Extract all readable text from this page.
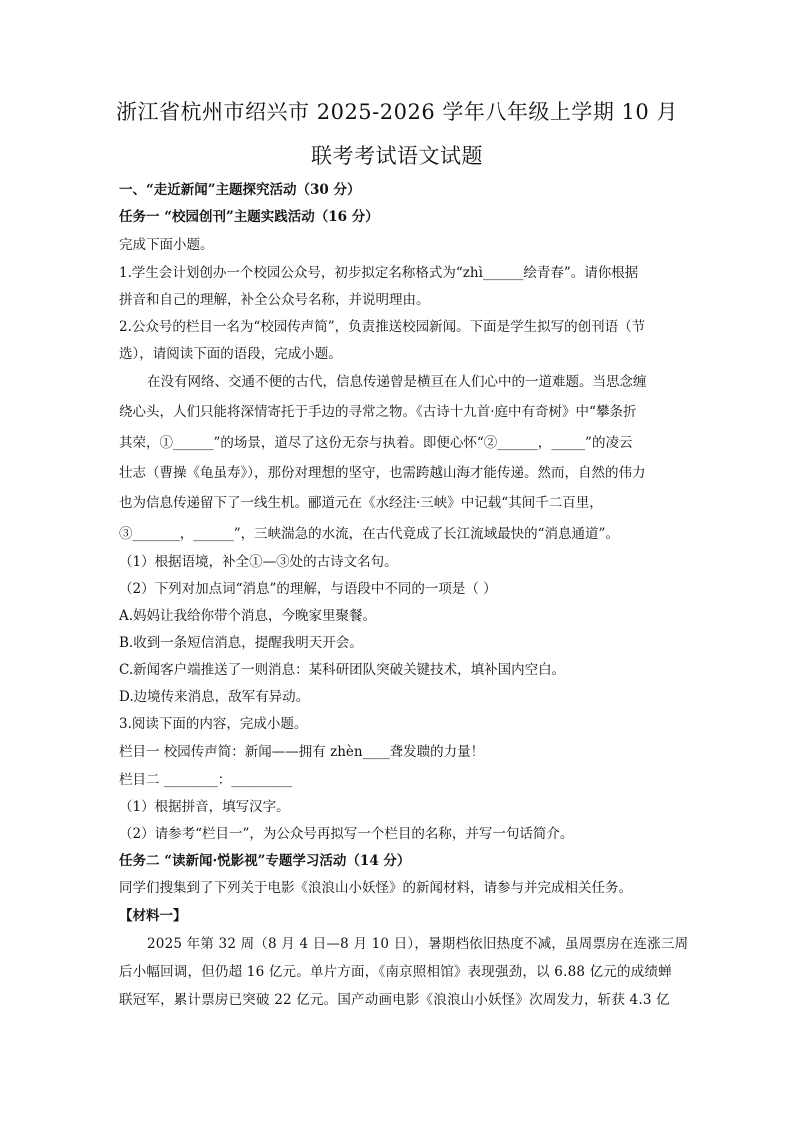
浙江省杭州市绍兴市 2025-2026 学年八年级上学期 10 月
联考考试语文试题
一、“走近新闻”主题探究活动（30 分）
任务一 “校园创刊”主题实践活动（16 分）
完成下面小题。
1.学生会计划创办一个校园公众号，初步拟定名称格式为“zhì______绘青春”。请你根据
拼音和自己的理解，补全公众号名称，并说明理由。
2.公众号的栏目一名为“校园传声简”，负责推送校园新闻。下面是学生拟写的创刊语（节
选），请阅读下面的语段，完成小题。
在没有网络、交通不便的古代，信息传递曾是横亘在人们心中的一道难题。当思念缠
绕心头，人们只能将深情寄托于手边的寻常之物。《古诗十九首·庭中有奇树》中“攀条折
其荣，①______”的场景，道尽了这份无奈与执着。即便心怀“②______，_____”的凌云
壮志（曹操《龟虽寿》），那份对理想的坚守，也需跨越山海才能传递。然而，自然的伟力
也为信息传递留下了一线生机。郦道元在《水经注·三峡》中记载“其间千二百里，
③_______，______”，三峡湍急的水流，在古代竟成了长江流域最快的“消息通道”。
（1）根据语境，补全①—③处的古诗文名句。
（2）下列对加点词“消息”的理解，与语段中不同的一项是（ ）
A.妈妈让我给你带个消息，今晚家里聚餐。
B.收到一条短信消息，提醒我明天开会。
C.新闻客户端推送了一则消息：某科研团队突破关键技术，填补国内空白。
D.边境传来消息，敌军有异动。
3.阅读下面的内容，完成小题。
栏目一 校园传声简：新闻——拥有 zhèn____聋发聩的力量！
栏目二 ________：_________
（1）根据拼音，填写汉字。
（2）请参考“栏目一”，为公众号再拟写一个栏目的名称，并写一句话简介。
任务二 “读新闻·悦影视”专题学习活动（14 分）
同学们搜集到了下列关于电影《浪浪山小妖怪》的新闻材料，请参与并完成相关任务。
【材料一】
2025 年第 32 周（8 月 4 日—8 月 10 日），暑期档依旧热度不减，虽周票房在连涨三周
后小幅回调，但仍超 16 亿元。单片方面，《南京照相馆》表现强劲，以 6.88 亿元的成绩蝉
联冠军，累计票房已突破 22 亿元。国产动画电影《浪浪山小妖怪》次周发力，斩获 4.3 亿
